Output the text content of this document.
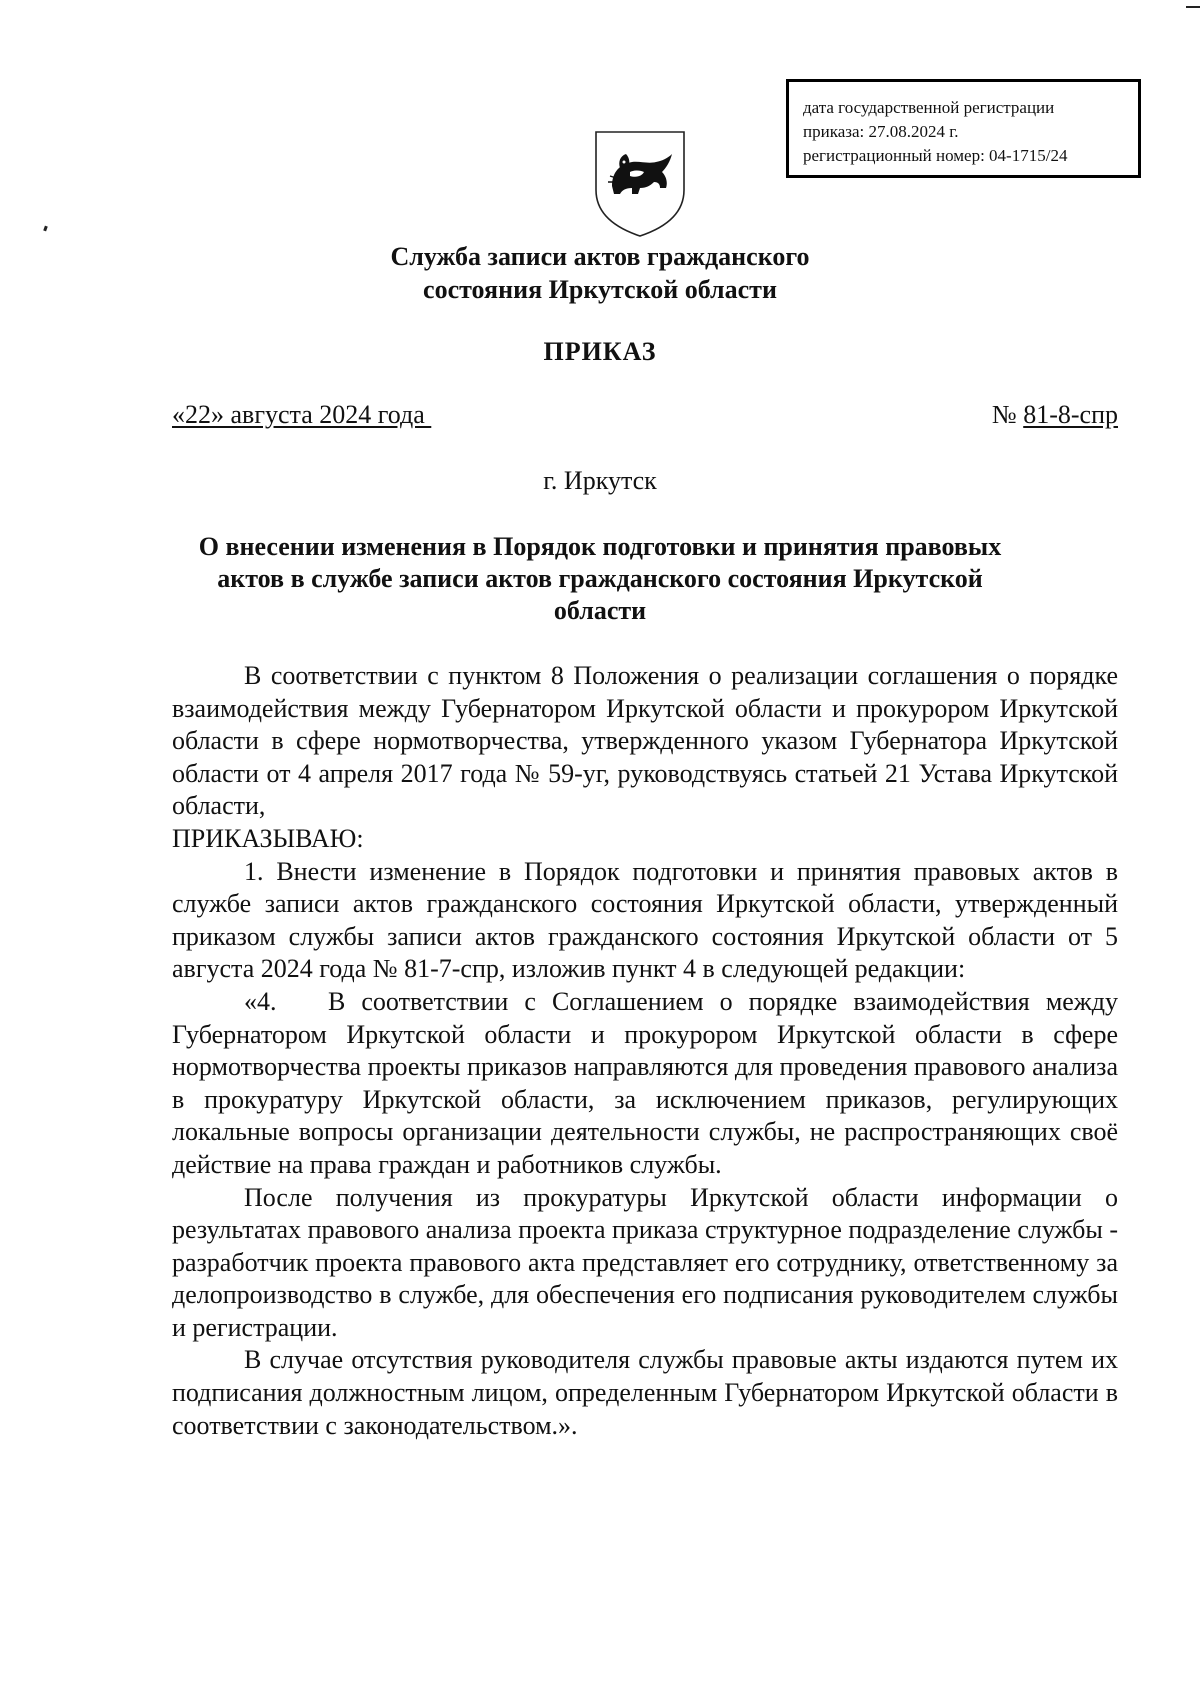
дата государственной регистрации
приказа: 27.08.2024 г.
регистрационный номер: 04-1715/24
Служба записи актов гражданского
состояния Иркутской области
ПРИКАЗ
«22» августа 2024 года	№ 81-8-спр
г. Иркутск
О внесении изменения в Порядок подготовки и принятия правовых
актов в службе записи актов гражданского состояния Иркутской
области

В соответствии с пунктом 8 Положения о реализации соглашения о порядке взаимодействия между Губернатором Иркутской области и прокурором Иркутской области в сфере нормотворчества, утвержденного указом Губернатора Иркутской области от 4 апреля 2017 года № 59-уг, руководствуясь статьей 21 Устава Иркутской области,

ПРИКАЗЫВАЮ:

1. Внести изменение в Порядок подготовки и принятия правовых актов в службе записи актов гражданского состояния Иркутской области, утвержденный приказом службы записи актов гражданского состояния Иркутской области от 5 августа 2024 года № 81-7-спр, изложив пункт 4 в следующей редакции:

«4. В соответствии с Соглашением о порядке взаимодействия между Губернатором Иркутской области и прокурором Иркутской области в сфере нормотворчества проекты приказов направляются для проведения правового анализа в прокуратуру Иркутской области, за исключением приказов, регулирующих локальные вопросы организации деятельности службы, не распространяющих своё действие на права граждан и работников службы.

После получения из прокуратуры Иркутской области информации о результатах правового анализа проекта приказа структурное подразделение службы - разработчик проекта правового акта представляет его сотруднику, ответственному за делопроизводство в службе, для обеспечения его подписания руководителем службы и регистрации.

В случае отсутствия руководителя службы правовые акты издаются путем их подписания должностным лицом, определенным Губернатором Иркутской области в соответствии с законодательством.».
